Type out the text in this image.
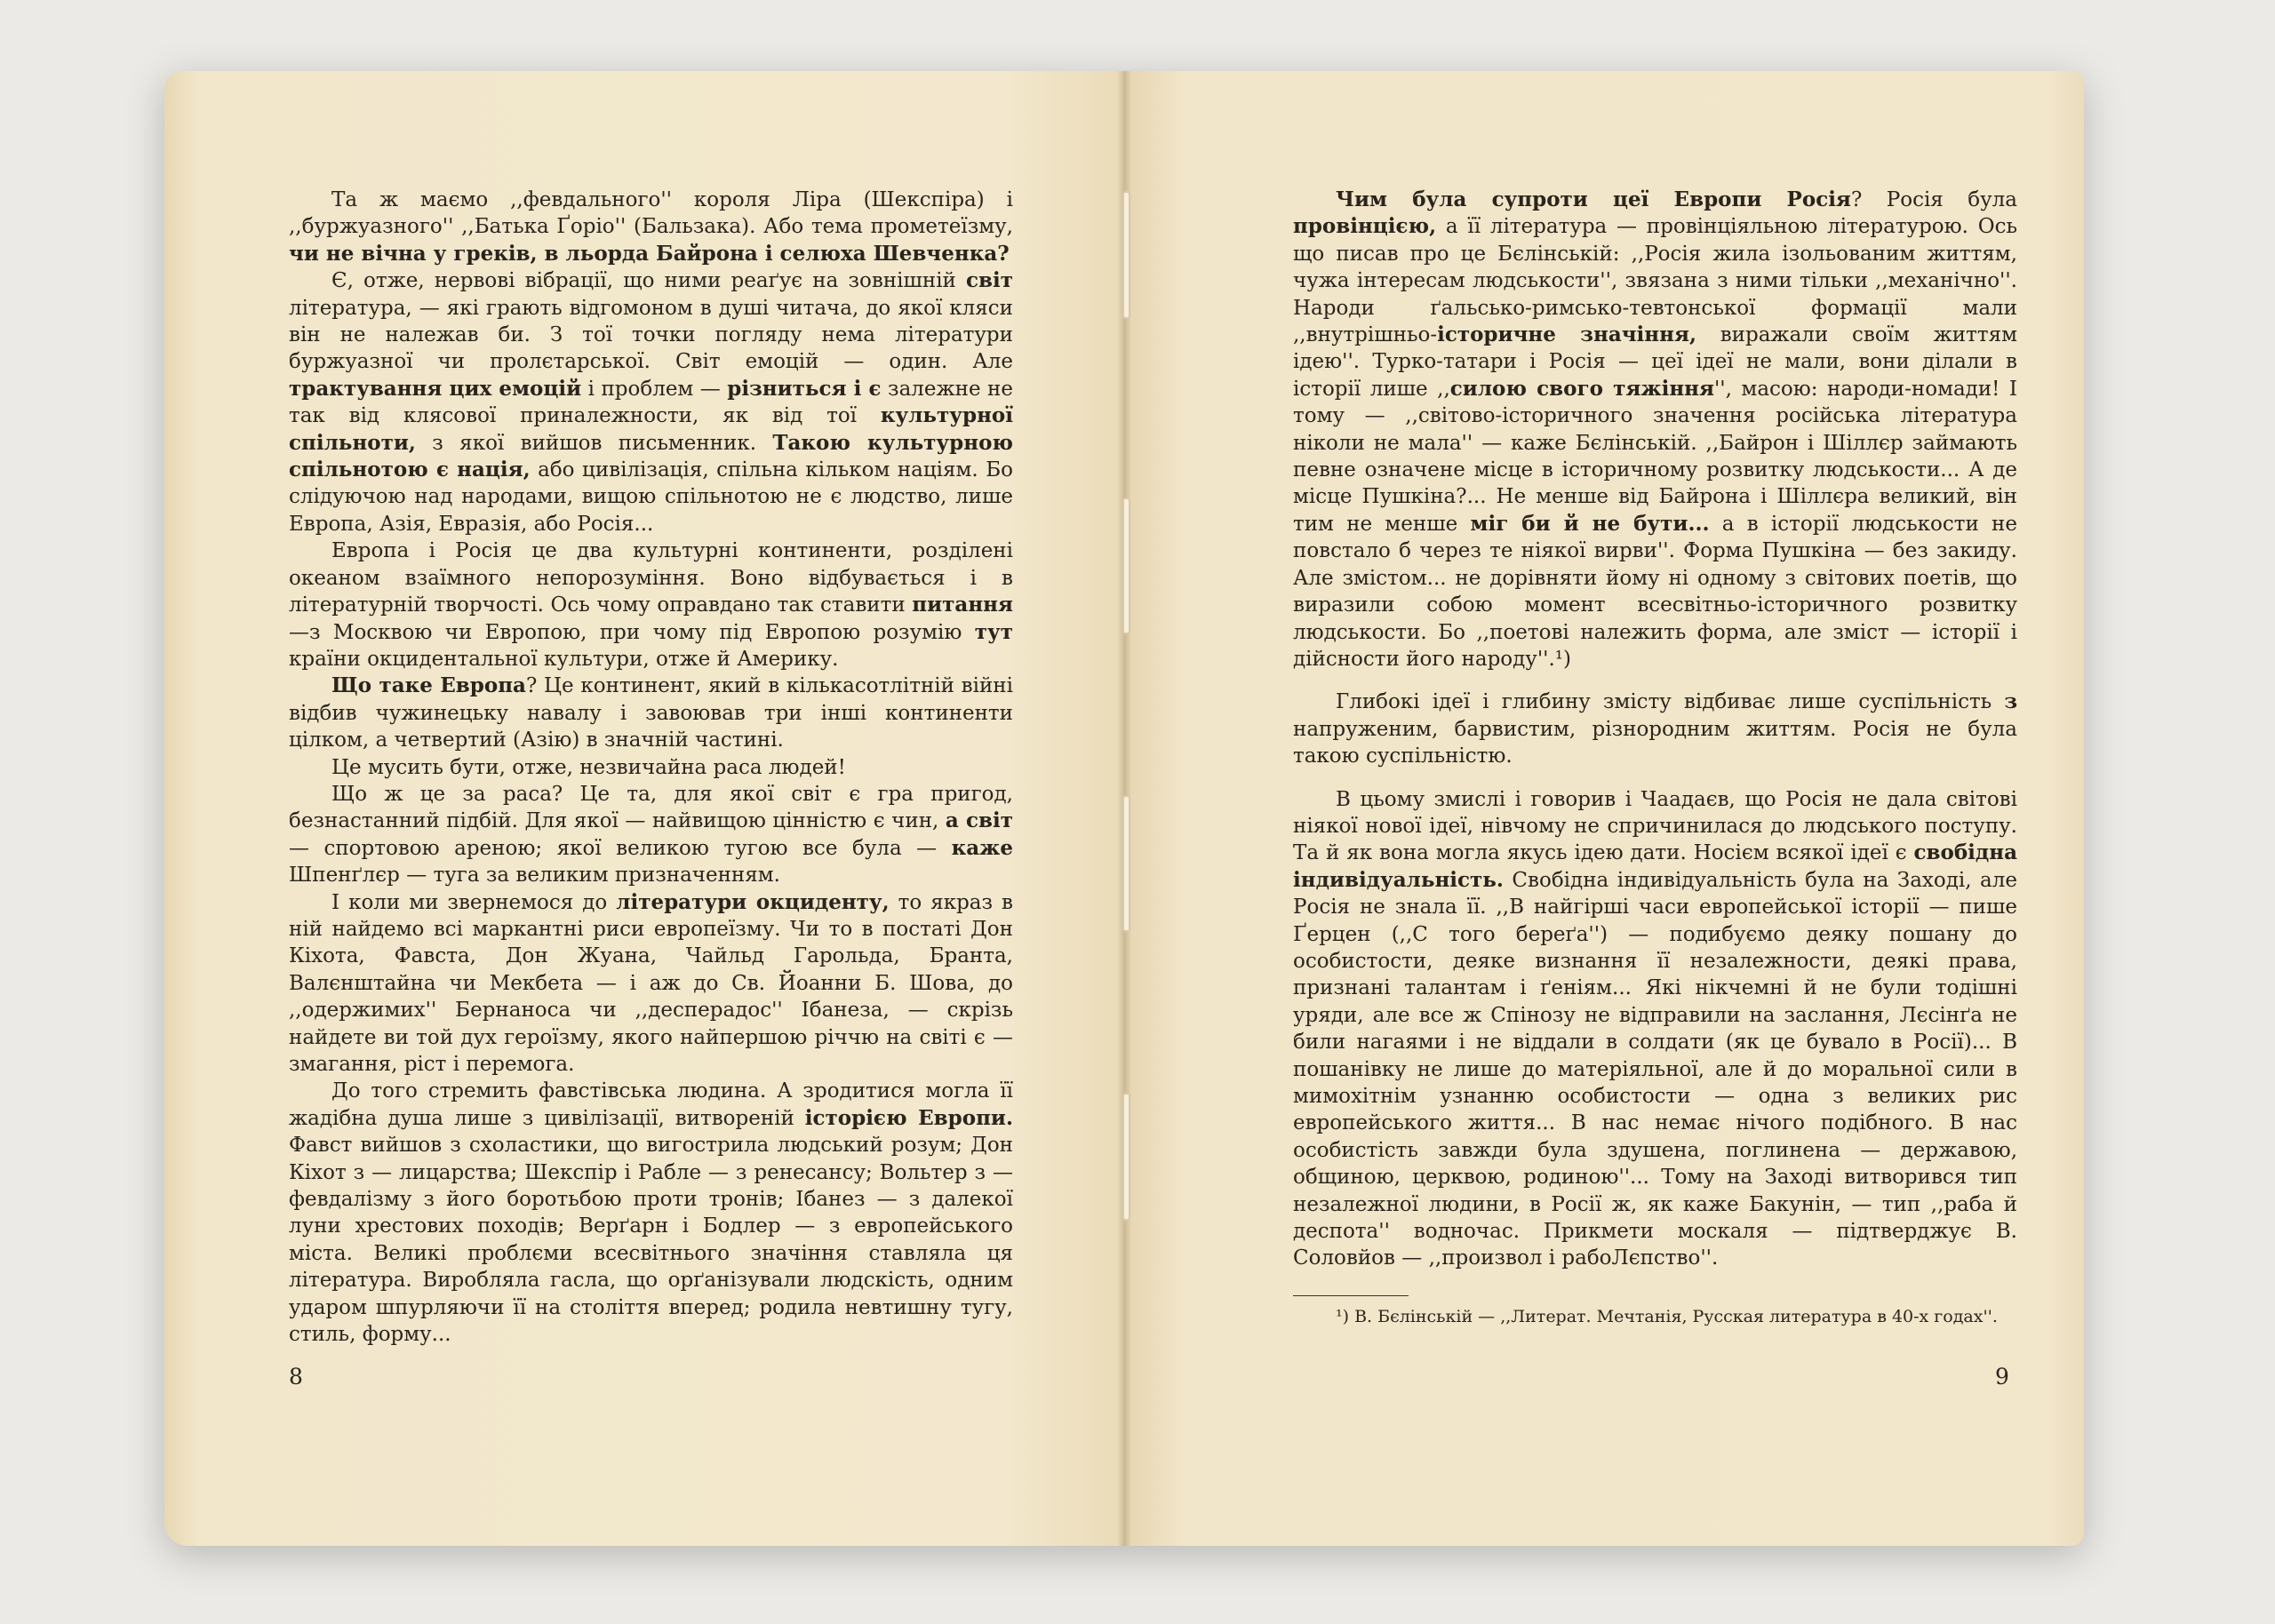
Та ж маємо ,,февдального'' короля Ліра (Шекспіра) і ,,буржуазного'' ,,Батька Ґоріо'' (Бальзака). Або тема прометеїзму, чи не вічна у греків, в льорда Байрона і селюха Шевченка?

Є, отже, нервові вібрації, що ними реаґує на зовнішній світ література, — які грають відгомоном в душі читача, до якої кляси він не належав би. З тої точки погляду нема літератури буржуазної чи пролєтарської. Світ емоцій — один. Але трактування цих емоцій і проблем — різниться і є залежне не так від клясової приналежности, як від тої культурної спільноти, з якої вийшов письменник. Такою культурною спільнотою є нація, або цивілізація, спільна кільком націям. Бо слідуючою над народами, вищою спільнотою не є людство, лише Европа, Азія, Евразія, або Росія...

Европа і Росія це два культурні континенти, розділені океаном взаїмного непорозуміння. Воно відбувається і в літературній творчості. Ось чому оправдано так ставити питання —з Москвою чи Европою, при чому під Европою розумію тут країни окцидентальної культури, отже й Америку.

Що таке Европа? Це континент, який в кількасотлітній війні відбив чужинецьку навалу і завоював три інші континенти цілком, а четвертий (Азію) в значній частині.

Це мусить бути, отже, незвичайна раса людей!

Що ж це за раса? Це та, для якої світ є гра пригод, безнастанний підбій. Для якої — найвищою цінністю є чин, а світ — спортовою ареною; якої великою тугою все була — каже Шпенґлєр — туга за великим призначенням.

І коли ми звернемося до літератури окциденту, то якраз в ній найдемо всі маркантні риси европеїзму. Чи то в постаті Дон Кіхота, Фавста, Дон Жуана, Чайльд Гарольда, Бранта, Валєнштайна чи Мекбета — і аж до Св. Йоанни Б. Шова, до ,,одержимих'' Бернаноса чи ,,десперадос'' Ібанеза, — скрізь найдете ви той дух героїзму, якого найпершою річчю на світі є — змагання, ріст і перемога.

До того стремить фавстівська людина. А зродитися могла її жадібна душа лише з цивілізації, витвореній історією Европи. Фавст вийшов з схоластики, що вигострила людський розум; Дон Кіхот з — лицарства; Шекспір і Рабле — з ренесансу; Вольтер з — февдалізму з його боротьбою проти тронів; Ібанез — з далекої луни хрестових походів; Верґарн і Бодлер — з европейського міста. Великі проблєми всесвітнього значіння ставляла ця література. Виробляла гасла, що орґанізували людскість, одним ударом шпурляючи її на століття вперед; родила невтишну тугу, стиль, форму...

8

Чим була супроти цеї Европи Росія? Росія була провінцією, а її література — провінціяльною літературою. Ось що писав про це Бєлінській: ,,Росія жила ізольованим життям, чужа інтересам людськости'', звязана з ними тільки ,,механічно''. Народи ґальсько-римсько-тевтонської формації мали ,,внутрішньо-історичне значіння, виражали своїм життям ідею''. Турко-татари і Росія — цеї ідеї не мали, вони ділали в історії лише ,,силою свого тяжіння'', масою: народи-номади! І тому — ,,світово-історичного значення російська література ніколи не мала'' — каже Бєлінській. ,,Байрон і Шіллєр займають певне означене місце в історичному розвитку людськости... А де місце Пушкіна?... Не менше від Байрона і Шіллєра великий, він тим не менше міг би й не бути... а в історії людськости не повстало б через те ніякої вирви''. Форма Пушкіна — без закиду. Але змістом... не дорівняти йому ні одному з світових поетів, що виразили собою момент всесвітньо-історичного розвитку людськости. Бо ,,поетові належить форма, але зміст — історії і дійсности його народу''.¹)

Глибокі ідеї і глибину змісту відбиває лише суспільність з напруженим, барвистим, різнородним життям. Росія не була такою суспільністю.

В цьому змислі і говорив і Чаадаєв, що Росія не дала світові ніякої нової ідеї, нівчому не спричинилася до людського поступу. Та й як вона могла якусь ідею дати. Носієм всякої ідеї є свобідна індивідуальність. Свобідна індивідуальність була на Заході, але Росія не знала її. ,,В найгірші часи европейської історії — пише Ґерцен (,,С того береґа'') — подибуємо деяку пошану до особистости, деяке визнання її незалежности, деякі права, признані талантам і ґеніям... Які нікчемні й не були тодішні уряди, але все ж Спінозу не відправили на заслання, Лєсінґа не били нагаями і не віддали в солдати (як це бувало в Росії)... В пошанівку не лише до матеріяльної, але й до моральної сили в мимохітнім узнанню особистости — одна з великих рис европейського життя... В нас немає нічого подібного. В нас особистість завжди була здушена, поглинена — державою, общиною, церквою, родиною''... Тому на Заході витворився тип незалежної людини, в Росії ж, як каже Бакунін, — тип ,,раба й деспота'' водночас. Прикмети москаля — підтверджує В. Соловйов — ,,произвол і рабоЛєпство''.

¹) В. Бєлінській — ,,Литерат. Мечтанія, Русская литература в 40-х годах''.

9
